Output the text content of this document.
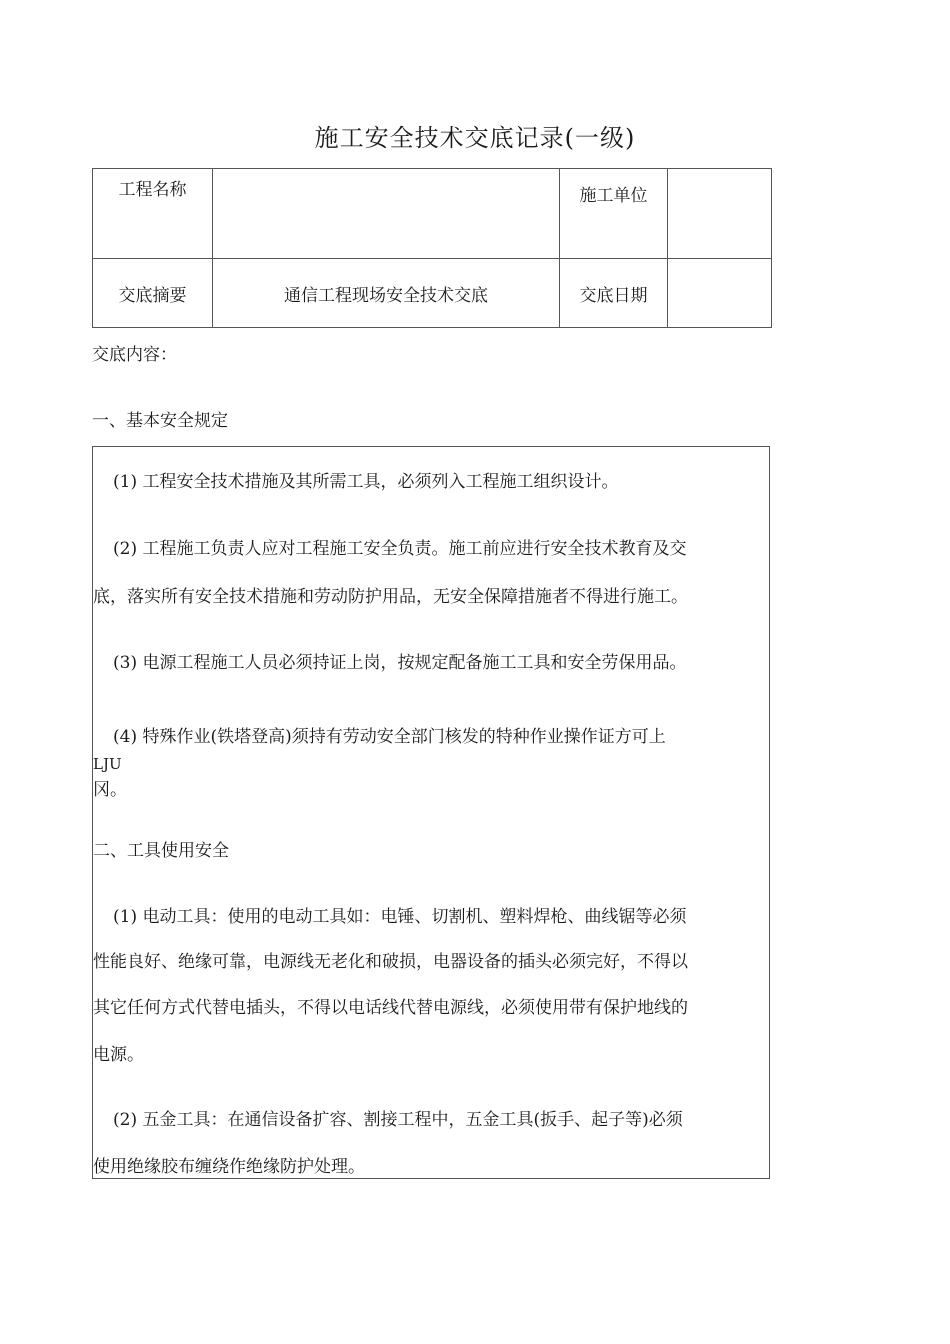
施工安全技术交底记录(一级)
工程名称		施工单位	

交底摘要	通信工程现场安全技术交底	交底日期	
交底内容：
一、基本安全规定
(1) 工程安全技术措施及其所需工具，必须列入工程施工组织设计。
(2) 工程施工负责人应对工程施工安全负责。施工前应进行安全技术教育及交
底，落实所有安全技术措施和劳动防护用品，无安全保障措施者不得进行施工。
(3) 电源工程施工人员必须持证上岗，按规定配备施工工具和安全劳保用品。
(4) 特殊作业(铁塔登高)须持有劳动安全部门核发的特种作业操作证方可上
LJU
冈。
二、工具使用安全
(1) 电动工具：使用的电动工具如：电锤、切割机、塑料焊枪、曲线锯等必须
性能良好、绝缘可靠，电源线无老化和破损，电器设备的插头必须完好，不得以
其它任何方式代替电插头，不得以电话线代替电源线，必须使用带有保护地线的
电源。
(2) 五金工具：在通信设备扩容、割接工程中，五金工具(扳手、起子等)必须
使用绝缘胶布缠绕作绝缘防护处理。
